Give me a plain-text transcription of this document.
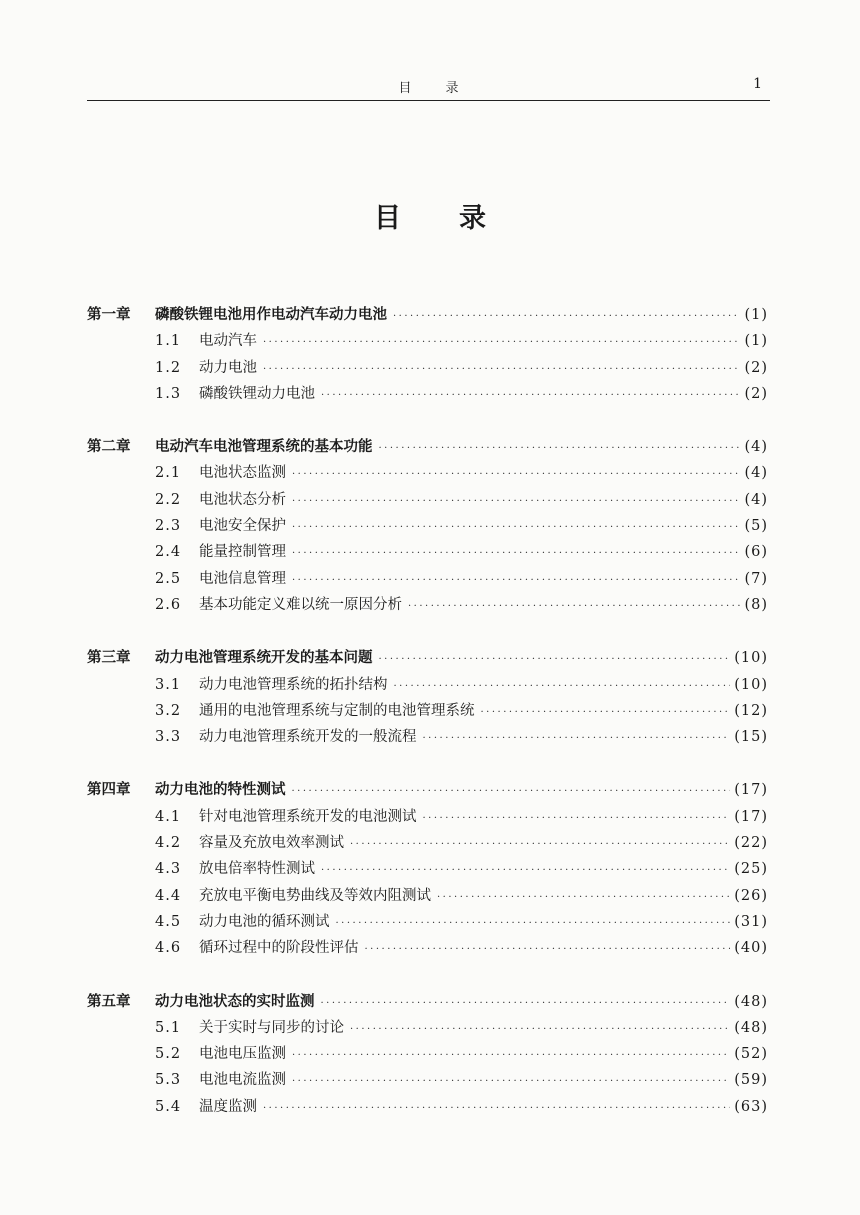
目录	1
目录
第一章	磷酸铁锂电池用作电动汽车动力电池 ·····	(1)
1.1	电动汽车 ·····	(1)
1.2	动力电池 ·····	(2)
1.3	磷酸铁锂动力电池 ·····	(2)
第二章	电动汽车电池管理系统的基本功能 ·····	(4)
2.1	电池状态监测 ·····	(4)
2.2	电池状态分析 ·····	(4)
2.3	电池安全保护 ·····	(5)
2.4	能量控制管理 ·····	(6)
2.5	电池信息管理 ·····	(7)
2.6	基本功能定义难以统一原因分析 ·····	(8)
第三章	动力电池管理系统开发的基本问题 ·····	(10)
3.1	动力电池管理系统的拓扑结构 ·····	(10)
3.2	通用的电池管理系统与定制的电池管理系统 ·····	(12)
3.3	动力电池管理系统开发的一般流程 ·····	(15)
第四章	动力电池的特性测试 ·····	(17)
4.1	针对电池管理系统开发的电池测试 ·····	(17)
4.2	容量及充放电效率测试 ·····	(22)
4.3	放电倍率特性测试 ·····	(25)
4.4	充放电平衡电势曲线及等效内阻测试 ·····	(26)
4.5	动力电池的循环测试 ·····	(31)
4.6	循环过程中的阶段性评估 ·····	(40)
第五章	动力电池状态的实时监测 ·····	(48)
5.1	关于实时与同步的讨论 ·····	(48)
5.2	电池电压监测 ·····	(52)
5.3	电池电流监测 ·····	(59)
5.4	温度监测 ·····	(63)
